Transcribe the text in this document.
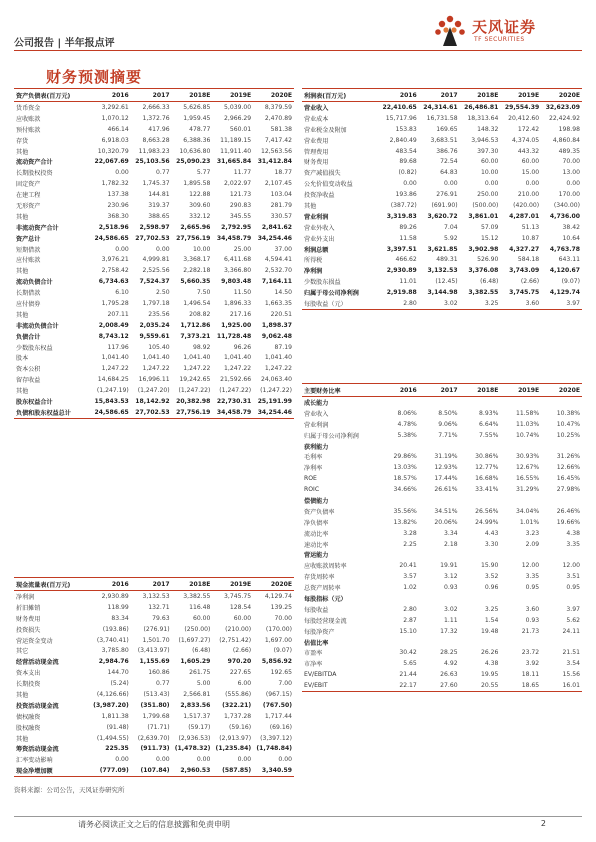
公司报告 | 半年报点评
天风证券
TF SECURITIES
财务预测摘要
资产负债表(百万元)	2016	2017	2018E	2019E	2020E
货币资金	3,292.61	2,666.33	5,626.85	5,039.00	8,379.59
应收账款	1,070.12	1,372.76	1,959.45	2,966.29	2,470.89
预付账款	466.14	417.96	478.77	560.01	581.38
存货	6,918.03	8,663.28	6,388.36	11,189.15	7,417.42
其他	10,320.79	11,983.23	10,636.80	11,911.40	12,563.56
流动资产合计	22,067.69	25,103.56	25,090.23	31,665.84	31,412.84
长期股权投资	0.00	0.77	5.77	11.77	18.77
固定资产	1,782.32	1,745.37	1,895.58	2,022.97	2,107.45
在建工程	137.38	144.81	122.88	121.73	103.04
无形资产	230.96	319.37	309.60	290.83	281.79
其他	368.30	388.65	332.12	345.55	330.57
非流动资产合计	2,518.96	2,598.97	2,665.96	2,792.95	2,841.62
资产总计	24,586.65	27,702.53	27,756.19	34,458.79	34,254.46
短期借款	0.00	0.00	10.00	25.00	37.00
应付账款	3,976.21	4,999.81	3,368.17	6,411.68	4,594.41
其他	2,758.42	2,525.56	2,282.18	3,366.80	2,532.70
流动负债合计	6,734.63	7,524.37	5,660.35	9,803.48	7,164.11
长期借款	6.10	2.50	7.50	11.50	14.50
应付债券	1,795.28	1,797.18	1,496.54	1,896.33	1,663.35
其他	207.11	235.56	208.82	217.16	220.51
非流动负债合计	2,008.49	2,035.24	1,712.86	1,925.00	1,898.37
负债合计	8,743.12	9,559.61	7,373.21	11,728.48	9,062.48
少数股东权益	117.96	105.40	98.92	96.26	87.19
股本	1,041.40	1,041.40	1,041.40	1,041.40	1,041.40
资本公积	1,247.22	1,247.22	1,247.22	1,247.22	1,247.22
留存收益	14,684.25	16,996.11	19,242.65	21,592.66	24,063.40
其他	(1,247.19)	(1,247.20)	(1,247.22)	(1,247.22)	(1,247.22)
股东权益合计	15,843.53	18,142.92	20,382.98	22,730.31	25,191.99
负债和股东权益总计	24,586.65	27,702.53	27,756.19	34,458.79	34,254.46
利润表(百万元)	2016	2017	2018E	2019E	2020E
营业收入	22,410.65	24,314.61	26,486.81	29,554.39	32,623.09
营业成本	15,717.96	16,731.58	18,313.64	20,412.60	22,424.92
营业税金及附加	153.83	169.65	148.32	172.42	198.98
营业费用	2,840.49	3,683.51	3,946.53	4,374.05	4,860.84
管理费用	483.54	386.76	397.30	443.32	489.35
财务费用	89.68	72.54	60.00	60.00	70.00
资产减值损失	(0.82)	64.83	10.00	15.00	13.00
公允价值变动收益	0.00	0.00	0.00	0.00	0.00
投资净收益	193.86	276.91	250.00	210.00	170.00
其他	(387.72)	(691.90)	(500.00)	(420.00)	(340.00)
营业利润	3,319.83	3,620.72	3,861.01	4,287.01	4,736.00
营业外收入	89.26	7.04	57.09	51.13	38.42
营业外支出	11.58	5.92	15.12	10.87	10.64
利润总额	3,397.51	3,621.85	3,902.98	4,327.27	4,763.78
所得税	466.62	489.31	526.90	584.18	643.11
净利润	2,930.89	3,132.53	3,376.08	3,743.09	4,120.67
少数股东损益	11.01	(12.45)	(6.48)	(2.66)	(9.07)
归属于母公司净利润	2,919.88	3,144.98	3,382.55	3,745.75	4,129.74
每股收益（元）	2.80	3.02	3.25	3.60	3.97
主要财务比率	2016	2017	2018E	2019E	2020E
成长能力					
营业收入	8.06%	8.50%	8.93%	11.58%	10.38%
营业利润	4.78%	9.06%	6.64%	11.03%	10.47%
归属于母公司净利润	5.38%	7.71%	7.55%	10.74%	10.25%
获利能力					
毛利率	29.86%	31.19%	30.86%	30.93%	31.26%
净利率	13.03%	12.93%	12.77%	12.67%	12.66%
ROE	18.57%	17.44%	16.68%	16.55%	16.45%
ROIC	34.66%	26.61%	33.41%	31.29%	27.98%
偿债能力					
资产负债率	35.56%	34.51%	26.56%	34.04%	26.46%
净负债率	13.82%	20.06%	24.99%	1.01%	19.66%
流动比率	3.28	3.34	4.43	3.23	4.38
速动比率	2.25	2.18	3.30	2.09	3.35
营运能力					
应收账款周转率	20.41	19.91	15.90	12.00	12.00
存货周转率	3.57	3.12	3.52	3.35	3.51
总资产周转率	1.02	0.93	0.96	0.95	0.95
每股指标（元）					
每股收益	2.80	3.02	3.25	3.60	3.97
每股经营现金流	2.87	1.11	1.54	0.93	5.62
每股净资产	15.10	17.32	19.48	21.73	24.11
估值比率					
市盈率	30.42	28.25	26.26	23.72	21.51
市净率	5.65	4.92	4.38	3.92	3.54
EV/EBITDA	21.44	26.63	19.95	18.11	15.56
EV/EBIT	22.17	27.60	20.55	18.65	16.01
现金流量表(百万元)	2016	2017	2018E	2019E	2020E
净利润	2,930.89	3,132.53	3,382.55	3,745.75	4,129.74
折旧摊销	118.99	132.71	116.48	128.54	139.25
财务费用	83.34	79.63	60.00	60.00	70.00
投资损失	(193.86)	(276.91)	(250.00)	(210.00)	(170.00)
营运资金变动	(3,740.41)	1,501.70	(1,697.27)	(2,751.42)	1,697.00
其它	3,785.80	(3,413.97)	(6.48)	(2.66)	(9.07)
经营活动现金流	2,984.76	1,155.69	1,605.29	970.20	5,856.92
资本支出	144.70	160.86	261.75	227.65	192.65
长期投资	(5.24)	0.77	5.00	6.00	7.00
其他	(4,126.66)	(513.43)	2,566.81	(555.86)	(967.15)
投资活动现金流	(3,987.20)	(351.80)	2,833.56	(322.21)	(767.50)
债权融资	1,811.38	1,799.68	1,517.37	1,737.28	1,717.44
股权融资	(91.48)	(71.71)	(59.17)	(59.16)	(69.16)
其他	(1,494.55)	(2,639.70)	(2,936.53)	(2,913.97)	(3,397.12)
筹资活动现金流	225.35	(911.73)	(1,478.32)	(1,235.84)	(1,748.84)
汇率变动影响	0.00	0.00	0.00	0.00	0.00
现金净增加额	(777.09)	(107.84)	2,960.53	(587.85)	3,340.59
资料来源：公司公告，天风证券研究所
请务必阅读正文之后的信息披露和免责申明	2
